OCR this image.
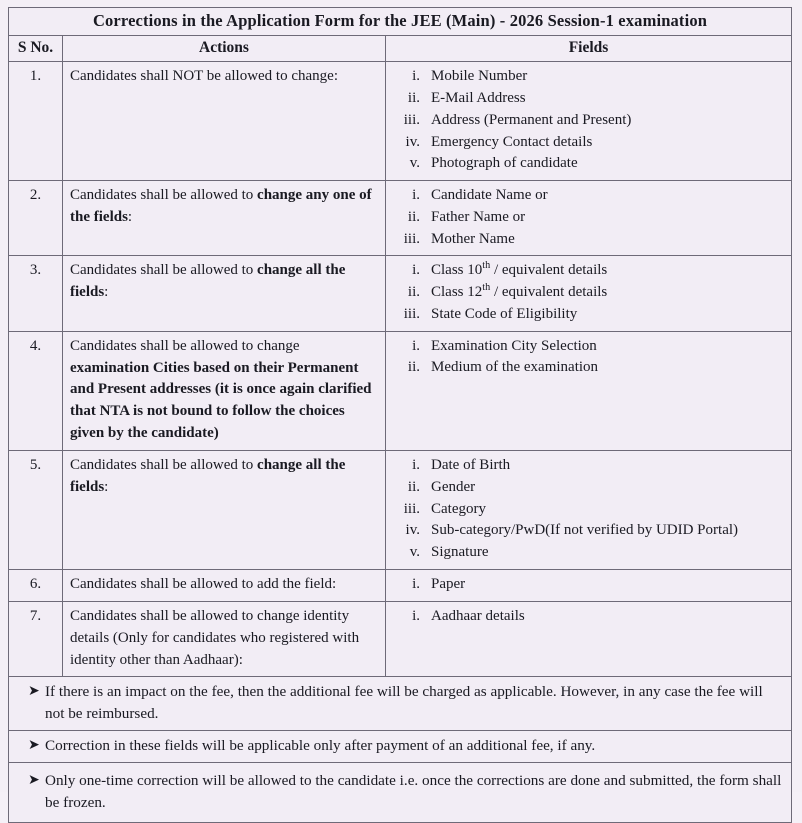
Corrections in the Application Form for the JEE (Main) - 2026 Session-1 examination		
S No.	Actions	Fields
1.	Candidates shall NOT be allowed to change:	i. Mobile Number
ii. E-Mail Address
iii. Address (Permanent and Present)
iv. Emergency Contact details
v. Photograph of candidate

2.	Candidates shall be allowed to change any one of the fields:	
i. Candidate Name or
ii. Father Name or
iii. Mother Name

3.	Candidates shall be allowed to change all the fields:	
i. Class 10th / equivalent details
ii. Class 12th / equivalent details
iii. State Code of Eligibility

4.	Candidates shall be allowed to change examination Cities based on their Permanent and Present addresses (it is once again clarified that NTA is not bound to follow the choices given by the candidate)	
i. Examination City Selection
ii. Medium of the examination

5.	Candidates shall be allowed to change all the fields:	
i. Date of Birth
ii. Gender
iii. Category
iv. Sub-category/PwD(If not verified by UDID Portal)
v. Signature

6.	Candidates shall be allowed to add the field:	i. Paper

7.	Candidates shall be allowed to change identity details (Only for candidates who registered with identity other than Aadhaar):	
i. Aadhaar details

➤ If there is an impact on the fee, then the additional fee will be charged as applicable. However, in any case the fee will not be reimbursed.		

➤ Correction in these fields will be applicable only after payment of an additional fee, if any.		

➤ Only one-time correction will be allowed to the candidate i.e. once the corrections are done and submitted, the form shall be frozen.		
